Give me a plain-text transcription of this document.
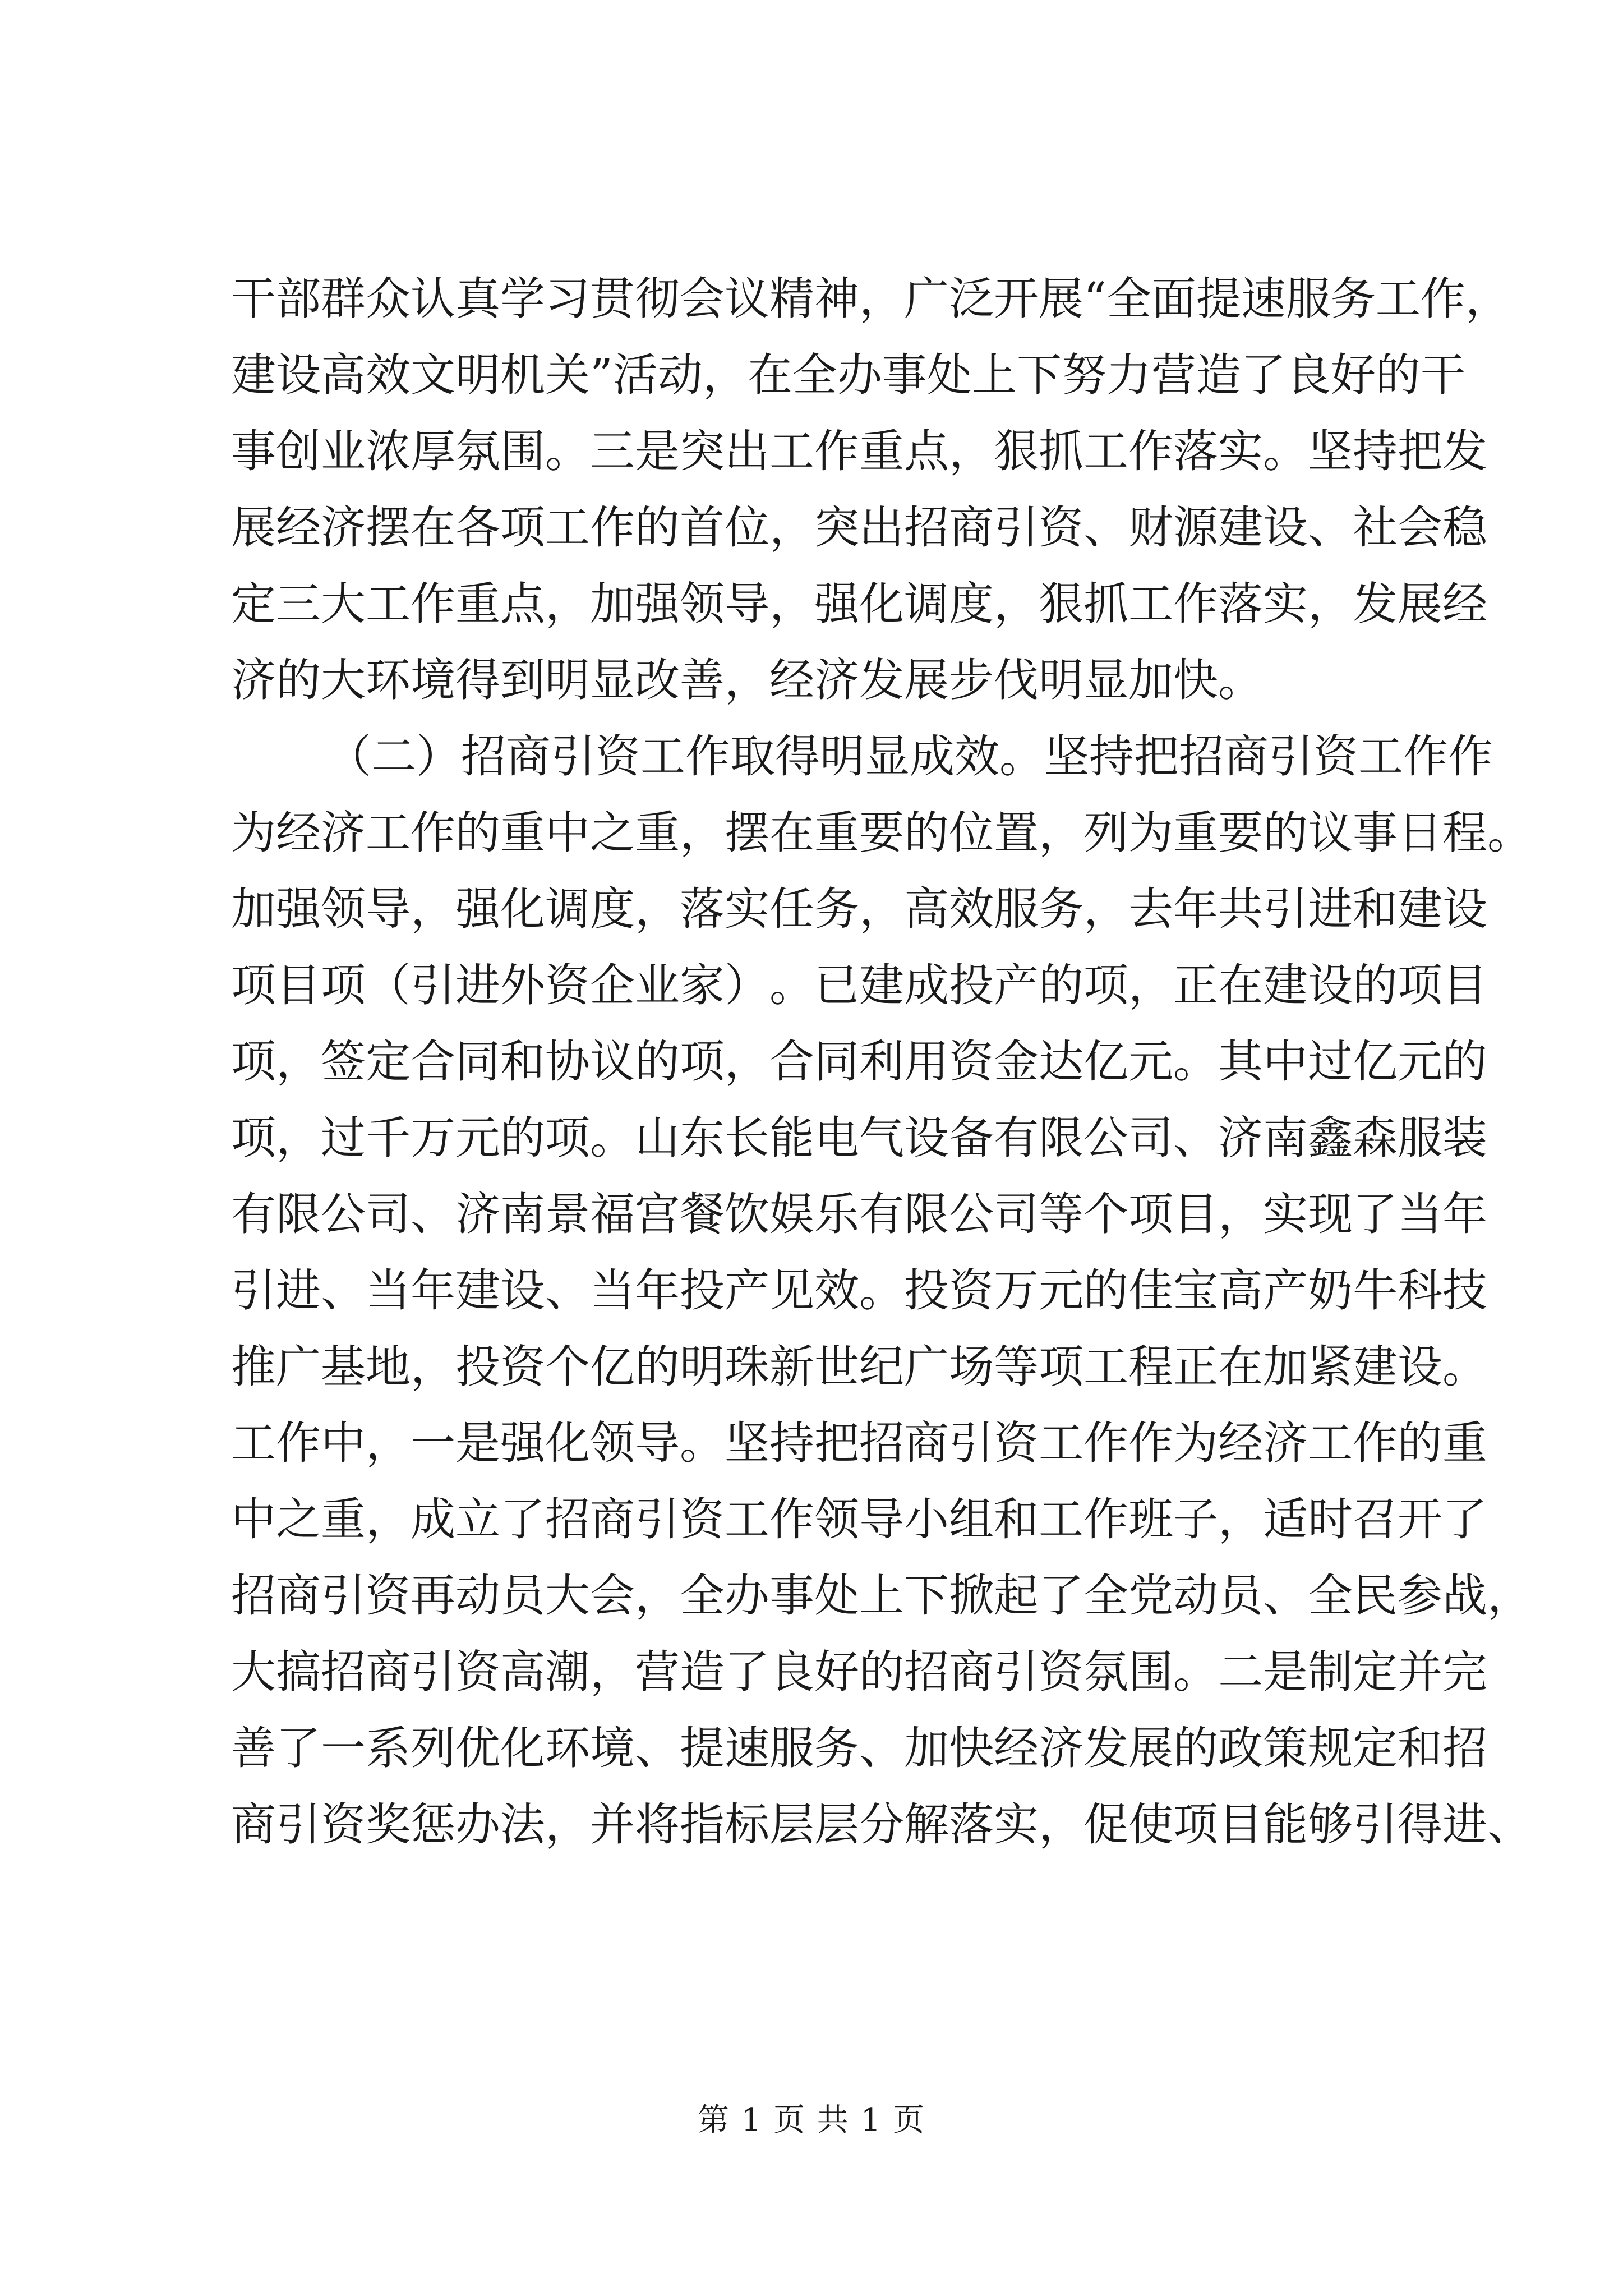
干 部 群 众 认 真 学 习 贯 彻 会 议 精 神 ， 广 泛 开 展 “ 全 面 提 速 服 务 工 作 ，
建 设 高 效 文 明 机 关 ” 活 动 ， 在 全 办 事 处 上 下 努 力 营 造 了 良 好 的 干
事 创 业 浓 厚 氛 围 。 三 是 突 出 工 作 重 点 ， 狠 抓 工 作 落 实 。 坚 持 把 发
展 经 济 摆 在 各 项 工 作 的 首 位 ， 突 出 招 商 引 资 、 财 源 建 设 、 社 会 稳
定 三 大 工 作 重 点 ， 加 强 领 导 ， 强 化 调 度 ， 狠 抓 工 作 落 实 ， 发 展 经
济的大环境得到明显改善，经济发展步伐明显加快。
（ 二 ） 招 商 引 资 工 作 取 得 明 显 成 效 。 坚 持 把 招 商 引 资 工 作 作
为 经 济 工 作 的 重 中 之 重 ， 摆 在 重 要 的 位 置 ， 列 为 重 要 的 议 事 日 程 。
加 强 领 导 ， 强 化 调 度 ， 落 实 任 务 ， 高 效 服 务 ， 去 年 共 引 进 和 建 设
项 目 项 （ 引 进 外 资 企 业 家 ） 。 已 建 成 投 产 的 项 ， 正 在 建 设 的 项 目
项 ， 签 定 合 同 和 协 议 的 项 ， 合 同 利 用 资 金 达 亿 元 。 其 中 过 亿 元 的
项 ， 过 千 万 元 的 项 。 山 东 长 能 电 气 设 备 有 限 公 司 、 济 南 鑫 森 服 装
有 限 公 司 、 济 南 景 福 宫 餐 饮 娱 乐 有 限 公 司 等 个 项 目 ， 实 现 了 当 年
引 进 、 当 年 建 设 、 当 年 投 产 见 效 。 投 资 万 元 的 佳 宝 高 产 奶 牛 科 技
推 广 基 地 ， 投 资 个 亿 的 明 珠 新 世 纪 广 场 等 项 工 程 正 在 加 紧 建 设 。
工 作 中 ， 一 是 强 化 领 导 。 坚 持 把 招 商 引 资 工 作 作 为 经 济 工 作 的 重
中 之 重 ， 成 立 了 招 商 引 资 工 作 领 导 小 组 和 工 作 班 子 ， 适 时 召 开 了
招 商 引 资 再 动 员 大 会 ， 全 办 事 处 上 下 掀 起 了 全 党 动 员 、 全 民 参 战 ，
大 搞 招 商 引 资 高 潮 ， 营 造 了 良 好 的 招 商 引 资 氛 围 。 二 是 制 定 并 完
善 了 一 系 列 优 化 环 境 、 提 速 服 务 、 加 快 经 济 发 展 的 政 策 规 定 和 招
商 引 资 奖 惩 办 法 ， 并 将 指 标 层 层 分 解 落 实 ， 促 使 项 目 能 够 引 得 进 、
第 1 页 共 1 页
